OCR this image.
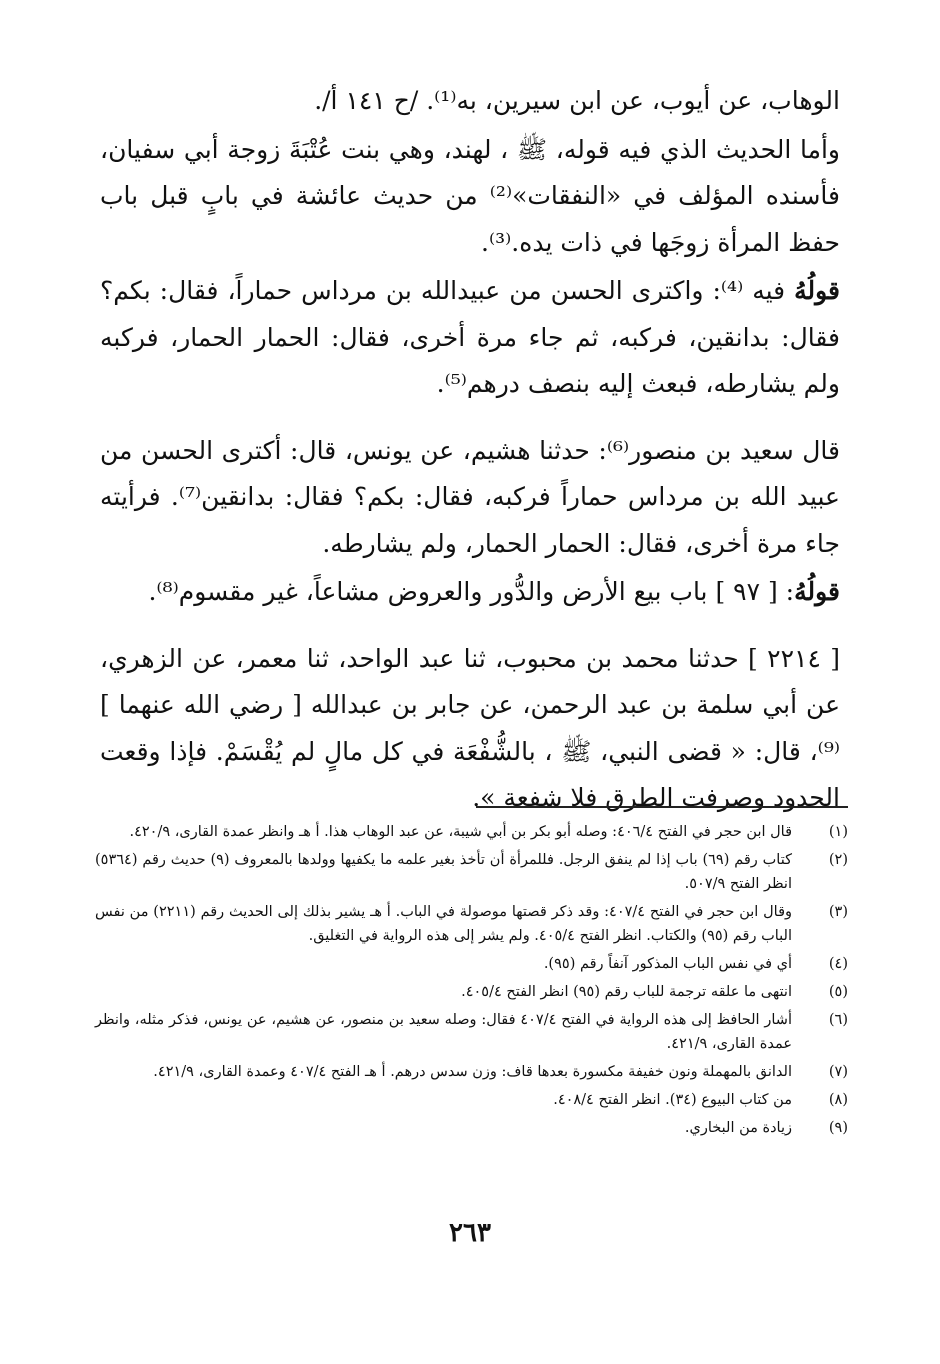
الوهاب، عن أيوب، عن ابن سيرين، به⁽¹⁾. /ح ١٤١ أ/.

وأما الحديث الذي فيه قوله، ﷺ ، لهند، وهي بنت عُتْبَةَ زوجة أبي سفيان، فأسنده المؤلف في «النفقات»⁽²⁾ من حديث عائشة في بابٍ قبل باب حفظ المرأة زوجَها في ذات يده.⁽³⁾.

قولُهُ فيه ⁽⁴⁾: واكترى الحسن من عبيدالله بن مرداس حماراً، فقال: بكم؟ فقال: بدانقين، فركبه، ثم جاء مرة أخرى، فقال: الحمار الحمار، فركبه ولم يشارطه، فبعث إليه بنصف درهم⁽⁵⁾.

قال سعيد بن منصور⁽⁶⁾: حدثنا هشيم، عن يونس، قال: أكترى الحسن من عبيد الله بن مرداس حماراً فركبه، فقال: بكم؟ فقال: بدانقين⁽⁷⁾. فرأيته جاء مرة أخرى، فقال: الحمار الحمار، ولم يشارطه.

قولُهُ: [ ٩٧ ] باب بيع الأرض والدُّور والعروض مشاعاً، غير مقسوم⁽⁸⁾.

[ ٢٢١٤ ] حدثنا محمد بن محبوب، ثنا عبد الواحد، ثنا معمر، عن الزهري، عن أبي سلمة بن عبد الرحمن، عن جابر بن عبدالله [ رضي الله عنهما ]⁽⁹⁾، قال: « قضى النبي، ﷺ ، بالشُّفْعَة في كل مالٍ لم يُقْسَمْ. فإذا وقعت الحدود وصرفت الطرق فلا شفعة ».

(١)
قال ابن حجر في الفتح ٤٠٦/٤: وصله أبو بكر بن أبي شيبة، عن عبد الوهاب هذا. أ هـ وانظر عمدة القارى، ٤٢٠/٩.
(٢)
كتاب رقم (٦٩) باب إذا لم ينفق الرجل. فللمرأة أن تأخذ بغير علمه ما يكفيها وولدها بالمعروف (٩) حديث رقم (٥٣٦٤) انظر الفتح ٥٠٧/٩.
(٣)
وقال ابن حجر في الفتح ٤٠٧/٤: وقد ذكر قصتها موصولة في الباب. أ هـ يشير بذلك إلى الحديث رقم (٢٢١١) من نفس الباب رقم (٩٥) والكتاب. انظر الفتح ٤٠٥/٤. ولم يشر إلى هذه الرواية في التغليق.
(٤)
أي في نفس الباب المذكور آنفاً رقم (٩٥).
(٥)
انتهى ما علقه ترجمة للباب رقم (٩٥) انظر الفتح ٤٠٥/٤.
(٦)
أشار الحافظ إلى هذه الرواية في الفتح ٤٠٧/٤ فقال: وصله سعيد بن منصور، عن هشيم، عن يونس، فذكر مثله، وانظر عمدة القارى، ٤٢١/٩.
(٧)
الدانق بالمهملة ونون خفيفة مكسورة بعدها قاف: وزن سدس درهم. أ هـ الفتح ٤٠٧/٤ وعمدة القارى، ٤٢١/٩.
(٨)
من كتاب البيوع (٣٤). انظر الفتح ٤٠٨/٤.
(٩)
زيادة من البخاري.
٢٦٣
